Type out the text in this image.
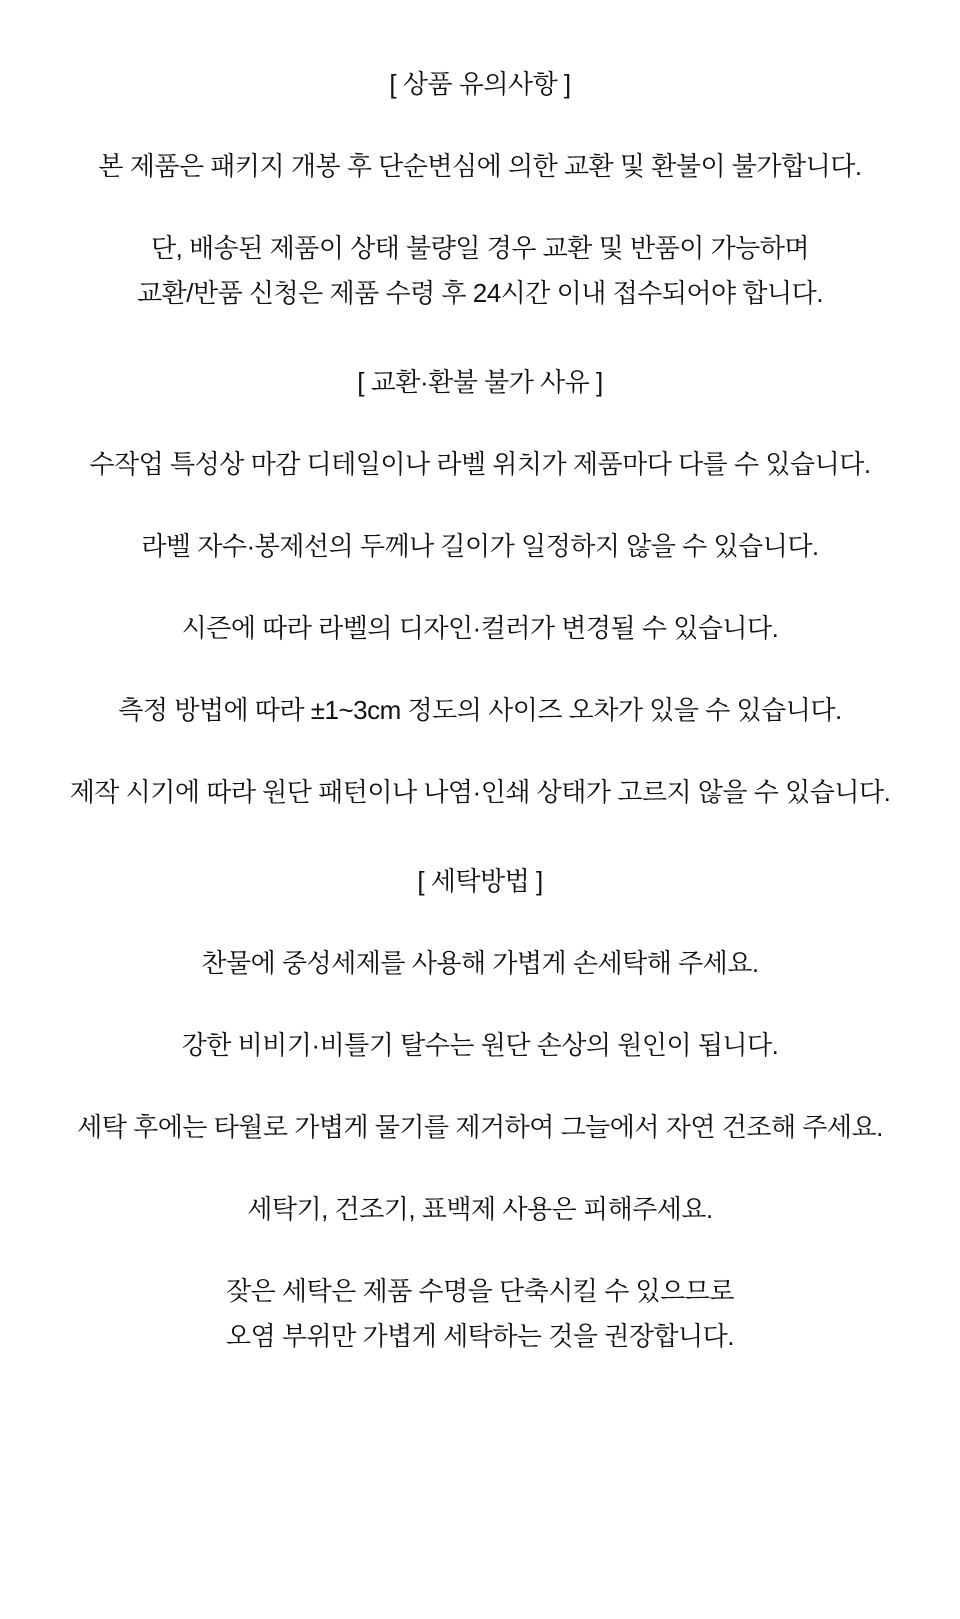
[ 상품 유의사항 ]

본 제품은 패키지 개봉 후 단순변심에 의한 교환 및 환불이 불가합니다.

단, 배송된 제품이 상태 불량일 경우 교환 및 반품이 가능하며
교환/반품 신청은 제품 수령 후 24시간 이내 접수되어야 합니다.

[ 교환·환불 불가 사유 ]

수작업 특성상 마감 디테일이나 라벨 위치가 제품마다 다를 수 있습니다.

라벨 자수·봉제선의 두께나 길이가 일정하지 않을 수 있습니다.

시즌에 따라 라벨의 디자인·컬러가 변경될 수 있습니다.

측정 방법에 따라 ±1~3cm 정도의 사이즈 오차가 있을 수 있습니다.

제작 시기에 따라 원단 패턴이나 나염·인쇄 상태가 고르지 않을 수 있습니다.

[ 세탁방법 ]

찬물에 중성세제를 사용해 가볍게 손세탁해 주세요.

강한 비비기·비틀기 탈수는 원단 손상의 원인이 됩니다.

세탁 후에는 타월로 가볍게 물기를 제거하여 그늘에서 자연 건조해 주세요.

세탁기, 건조기, 표백제 사용은 피해주세요.

잦은 세탁은 제품 수명을 단축시킬 수 있으므로
오염 부위만 가볍게 세탁하는 것을 권장합니다.
